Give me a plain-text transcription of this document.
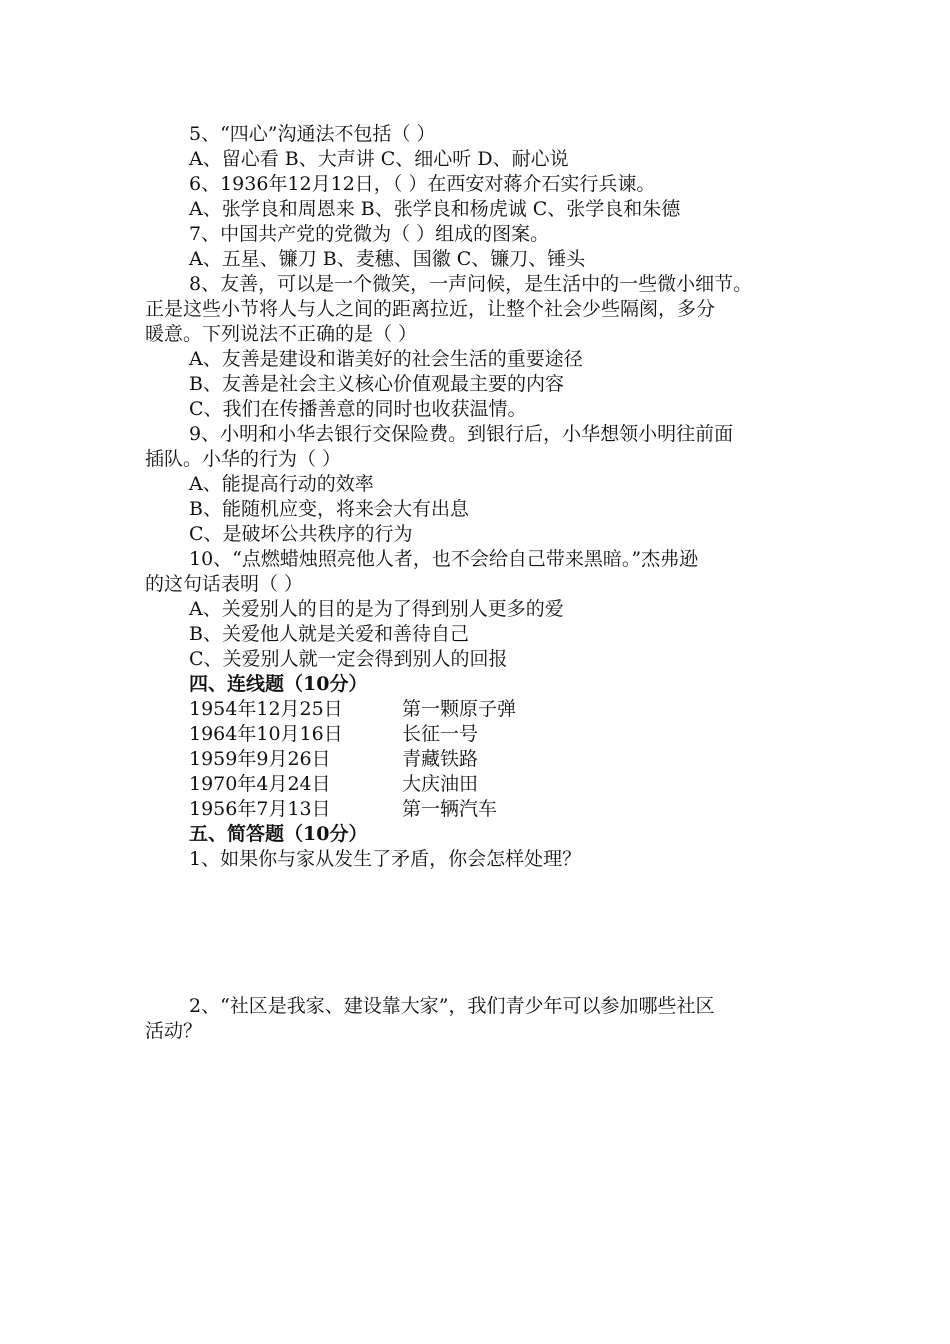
5、“四心”沟通法不包括（ ）
A、留心看 B、大声讲 C、细心听 D、耐心说
6、1936年12月12日，（ ）在西安对蒋介石实行兵谏。
A、张学良和周恩来 B、张学良和杨虎诚 C、张学良和朱德
7、中国共产党的党微为（ ）组成的图案。
A、五星、镰刀 B、麦穗、国徽 C、镰刀、锤头
8、友善，可以是一个微笑，一声问候，是生活中的一些微小细节。
正是这些小节将人与人之间的距离拉近，让整个社会少些隔阂，多分
暖意。下列说法不正确的是（ ）
A、友善是建设和谐美好的社会生活的重要途径
B、友善是社会主义核心价值观最主要的内容
C、我们在传播善意的同时也收获温情。
9、小明和小华去银行交保险费。到银行后，小华想领小明往前面
插队。小华的行为（ ）
A、能提高行动的效率
B、能随机应变，将来会大有出息
C、是破坏公共秩序的行为
10、“点燃蜡烛照亮他人者，也不会给自己带来黑暗。”杰弗逊
的这句话表明（ ）
A、关爱别人的目的是为了得到别人更多的爱
B、关爱他人就是关爱和善待自己
C、关爱别人就一定会得到别人的回报
四、连线题（10分）
1954年12月25日	第一颗原子弹
1964年10月16日	长征一号
1959年9月26日	青藏铁路
1970年4月24日	大庆油田
1956年7月13日	第一辆汽车
五、简答题（10分）
1、如果你与家从发生了矛盾，你会怎样处理？
2、“社区是我家、建设靠大家”，我们青少年可以参加哪些社区
活动？
